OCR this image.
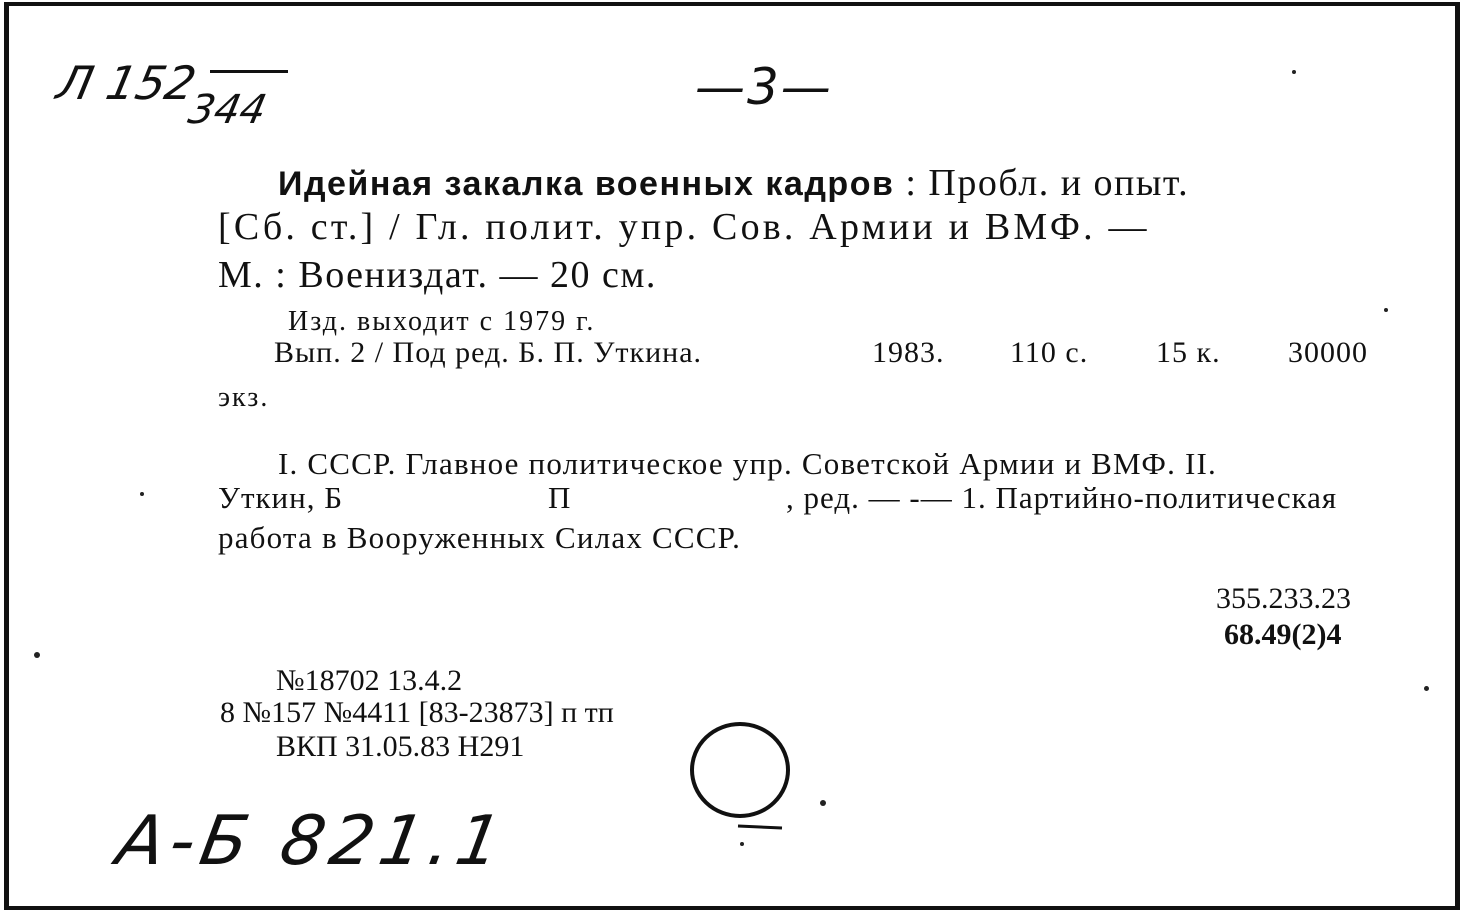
Л 152344	—3—
Идейная закалка военных кадров : Пробл. и опыт.
[Сб. ст.] / Гл. полит. упр. Сов. Армии и ВМФ. —
М. : Воениздат. — 20 см.
Изд. выходит с 1979 г.
Вып. 2 / Под ред. Б. П. Уткина.	1983. 110 с. 15 к. 30000
экз.
I. СССР. Главное политическое упр. Советской Армии и ВМФ. II.
Уткин, Б	П	, ред. — -— 1. Партийно-политическая
работа в Вооруженных Силах СССР.
355.233.23
68.49(2)4
№18702 13.4.2
8 №157 №4411 [83-23873] п тп
ВКП 31.05.83 Н291
А-Б 821.1
